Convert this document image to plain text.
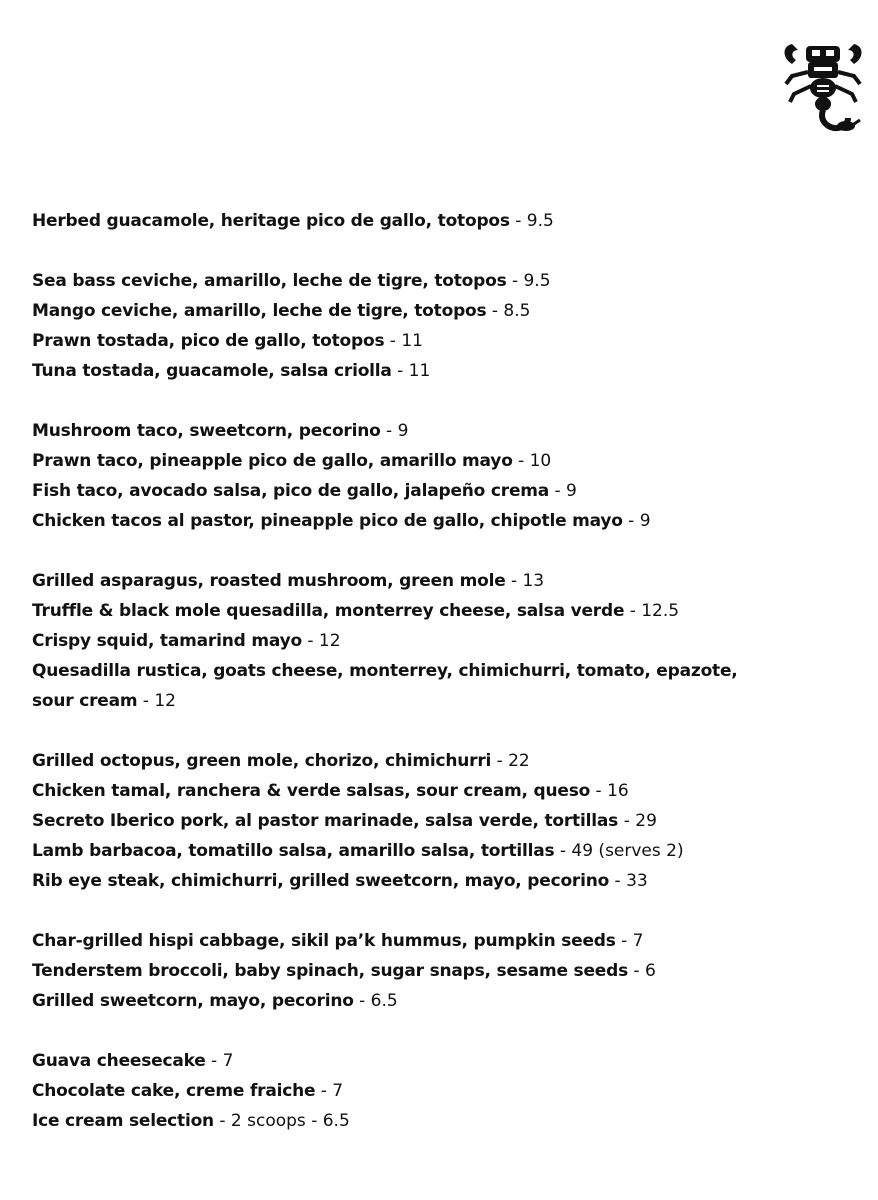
Herbed guacamole, heritage pico de gallo, totopos - 9.5
Sea bass ceviche, amarillo, leche de tigre, totopos - 9.5
Mango ceviche, amarillo, leche de tigre, totopos - 8.5
Prawn tostada, pico de gallo, totopos - 11
Tuna tostada, guacamole, salsa criolla - 11
Mushroom taco, sweetcorn, pecorino - 9
Prawn taco, pineapple pico de gallo, amarillo mayo - 10
Fish taco, avocado salsa, pico de gallo, jalapeño crema - 9
Chicken tacos al pastor, pineapple pico de gallo, chipotle mayo - 9
Grilled asparagus, roasted mushroom, green mole - 13
Truffle & black mole quesadilla, monterrey cheese, salsa verde - 12.5
Crispy squid, tamarind mayo - 12
Quesadilla rustica, goats cheese, monterrey, chimichurri, tomato, epazote, sour cream - 12
Grilled octopus, green mole, chorizo, chimichurri - 22
Chicken tamal, ranchera & verde salsas, sour cream, queso - 16
Secreto Iberico pork, al pastor marinade, salsa verde, tortillas - 29
Lamb barbacoa, tomatillo salsa, amarillo salsa, tortillas - 49 (serves 2)
Rib eye steak, chimichurri, grilled sweetcorn, mayo, pecorino - 33
Char-grilled hispi cabbage, sikil pa’k hummus, pumpkin seeds - 7
Tenderstem broccoli, baby spinach, sugar snaps, sesame seeds - 6
Grilled sweetcorn, mayo, pecorino - 6.5
Guava cheesecake - 7
Chocolate cake, creme fraiche - 7
Ice cream selection - 2 scoops - 6.5
